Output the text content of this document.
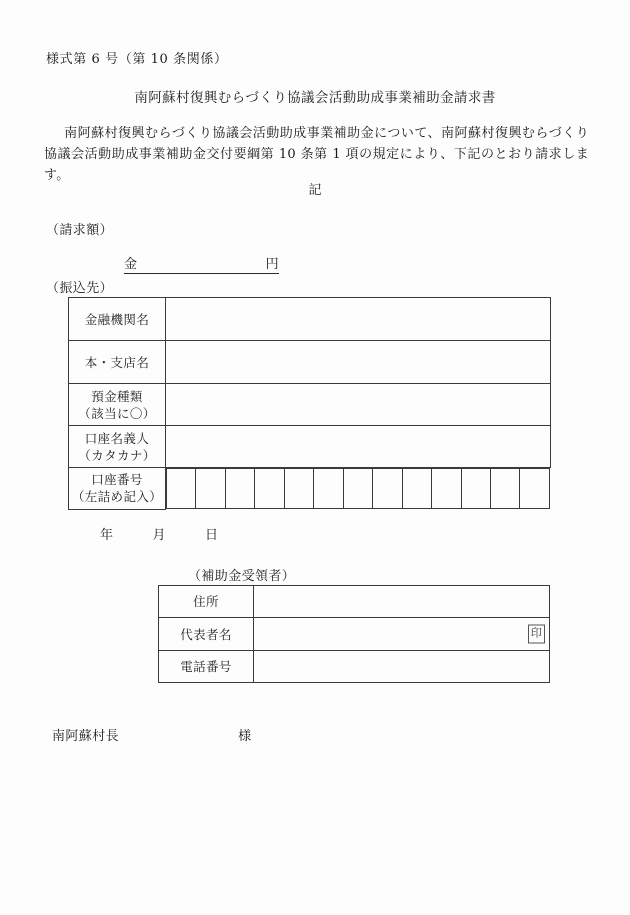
様式第 6 号（第 10 条関係）
南阿蘇村復興むらづくり協議会活動助成事業補助金請求書
南阿蘇村復興むらづくり協議会活動助成事業補助金について、南阿蘇村復興むらづくり協議会活動助成事業補助金交付要綱第 10 条第 1 項の規定により、下記のとおり請求します。
記
（請求額）
金	円
（振込先）
金融機関名	
本・支店名	

預金種類
（該当に〇）

口座名義人
（カタカナ）

口座番号
（左詰め記入）

年	月	日
（補助金受領者）
住所	
代表者名	印

電話番号	
南阿蘇村長	様
